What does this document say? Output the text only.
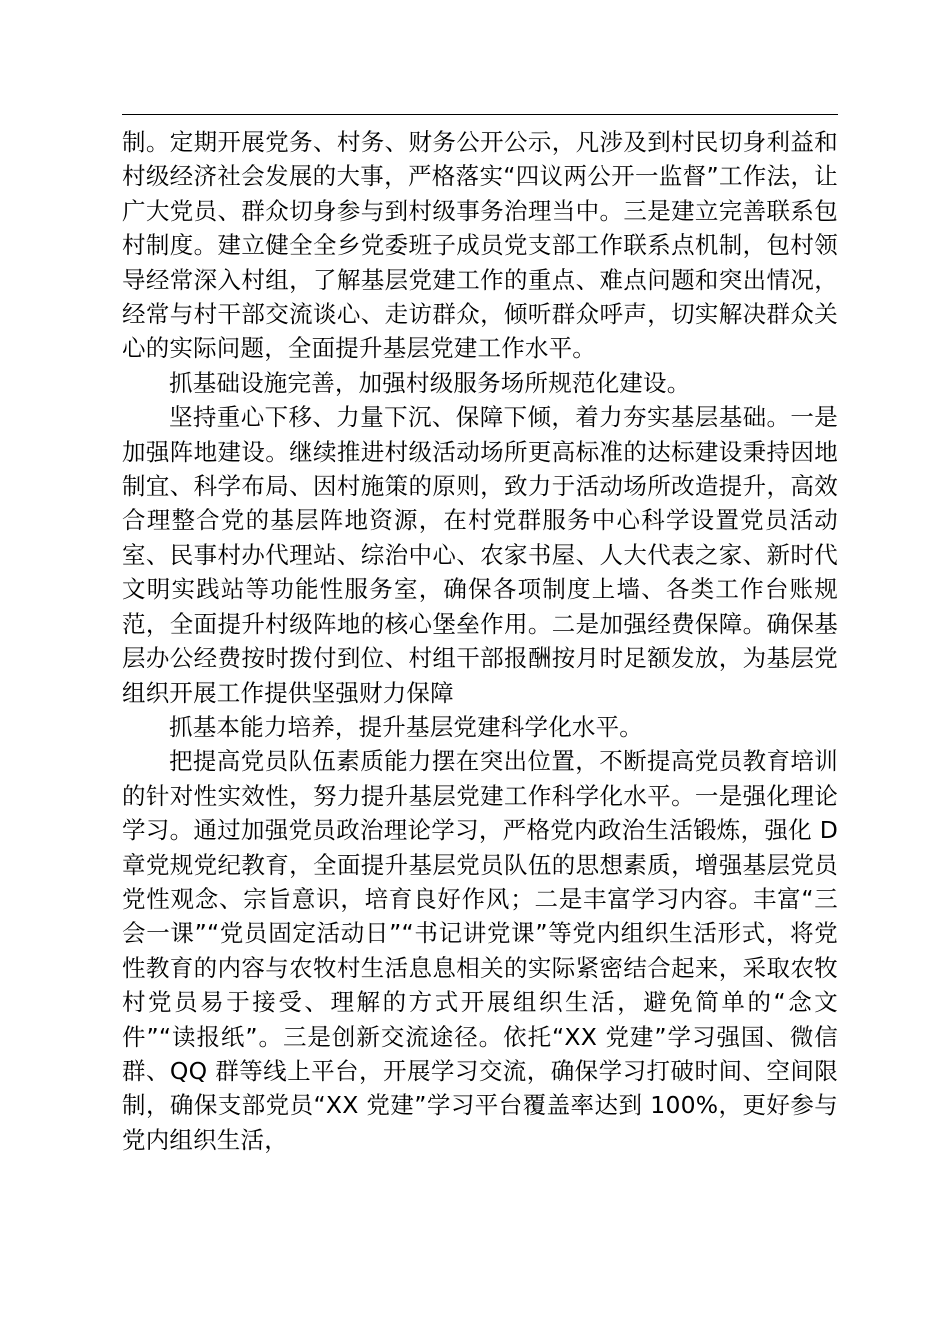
制。定期开展党务、村务、财务公开公示，凡涉及到村民切身利益和村级经济社会发展的大事，严格落实“四议两公开一监督”工作法，让广大党员、群众切身参与到村级事务治理当中。三是建立完善联系包村制度。建立健全全乡党委班子成员党支部工作联系点机制，包村领导经常深入村组，了解基层党建工作的重点、难点问题和突出情况，经常与村干部交流谈心、走访群众，倾听群众呼声，切实解决群众关心的实际问题，全面提升基层党建工作水平。

抓基础设施完善，加强村级服务场所规范化建设。

坚持重心下移、力量下沉、保障下倾，着力夯实基层基础。一是加强阵地建设。继续推进村级活动场所更高标准的达标建设秉持因地制宜、科学布局、因村施策的原则，致力于活动场所改造提升，高效合理整合党的基层阵地资源，在村党群服务中心科学设置党员活动室、民事村办代理站、综治中心、农家书屋、人大代表之家、新时代文明实践站等功能性服务室，确保各项制度上墙、各类工作台账规范，全面提升村级阵地的核心堡垒作用。二是加强经费保障。确保基层办公经费按时拨付到位、村组干部报酬按月时足额发放，为基层党组织开展工作提供坚强财力保障

抓基本能力培养，提升基层党建科学化水平。

把提高党员队伍素质能力摆在突出位置，不断提高党员教育培训的针对性实效性，努力提升基层党建工作科学化水平。一是强化理论学习。通过加强党员政治理论学习，严格党内政治生活锻炼，强化 D 章党规党纪教育，全面提升基层党员队伍的思想素质，增强基层党员党性观念、宗旨意识，培育良好作风；二是丰富学习内容。丰富“三会一课”“党员固定活动日”“书记讲党课”等党内组织生活形式，将党性教育的内容与农牧村生活息息相关的实际紧密结合起来，采取农牧村党员易于接受、理解的方式开展组织生活，避免简单的“念文件”“读报纸”。三是创新交流途径。依托“XX 党建”学习强国、微信群、QQ 群等线上平台，开展学习交流，确保学习打破时间、空间限制，确保支部党员“XX 党建”学习平台覆盖率达到 100%，更好参与党内组织生活，
